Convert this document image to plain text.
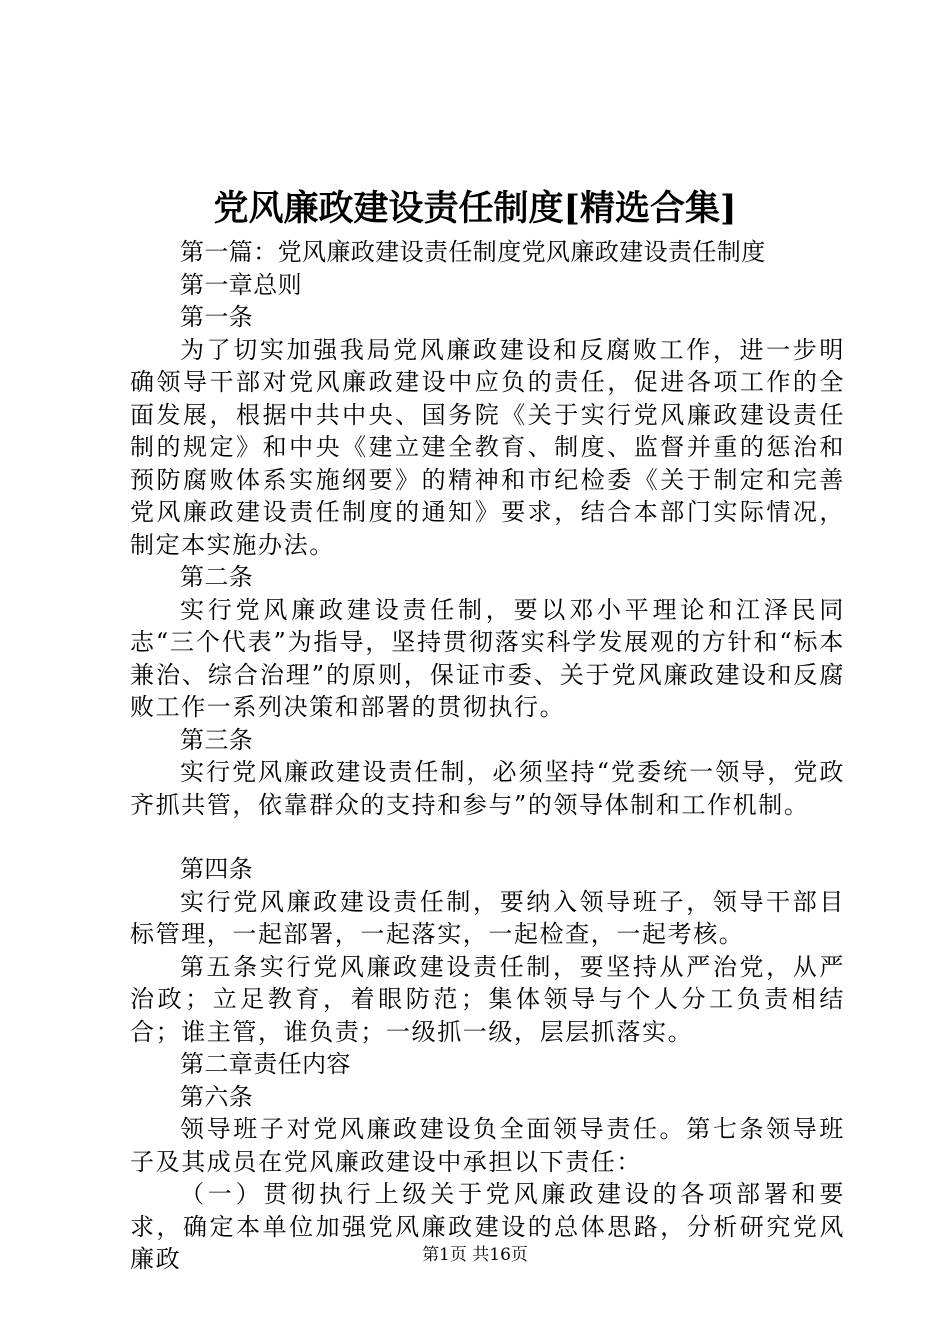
党风廉政建设责任制度[精选合集]

第一篇：党风廉政建设责任制度党风廉政建设责任制度

第一章总则

第一条

为了切实加强我局党风廉政建设和反腐败工作，进一步明确领导干部对党风廉政建设中应负的责任，促进各项工作的全面发展，根据中共中央、国务院《关于实行党风廉政建设责任制的规定》和中央《建立建全教育、制度、监督并重的惩治和预防腐败体系实施纲要》的精神和市纪检委《关于制定和完善党风廉政建设责任制度的通知》要求，结合本部门实际情况，制定本实施办法。

第二条

实行党风廉政建设责任制，要以邓小平理论和江泽民同志“三个代表”为指导，坚持贯彻落实科学发展观的方针和“标本兼治、综合治理”的原则，保证市委、关于党风廉政建设和反腐败工作一系列决策和部署的贯彻执行。

第三条

实行党风廉政建设责任制，必须坚持“党委统一领导，党政齐抓共管，依靠群众的支持和参与”的领导体制和工作机制。

第四条

实行党风廉政建设责任制，要纳入领导班子，领导干部目标管理，一起部署，一起落实，一起检查，一起考核。

第五条实行党风廉政建设责任制，要坚持从严治党，从严治政；立足教育，着眼防范；集体领导与个人分工负责相结合；谁主管，谁负责；一级抓一级，层层抓落实。

第二章责任内容

第六条

领导班子对党风廉政建设负全面领导责任。第七条领导班子及其成员在党风廉政建设中承担以下责任：

（一）贯彻执行上级关于党风廉政建设的各项部署和要求，确定本单位加强党风廉政建设的总体思路，分析研究党风廉政	第1页 共16页
